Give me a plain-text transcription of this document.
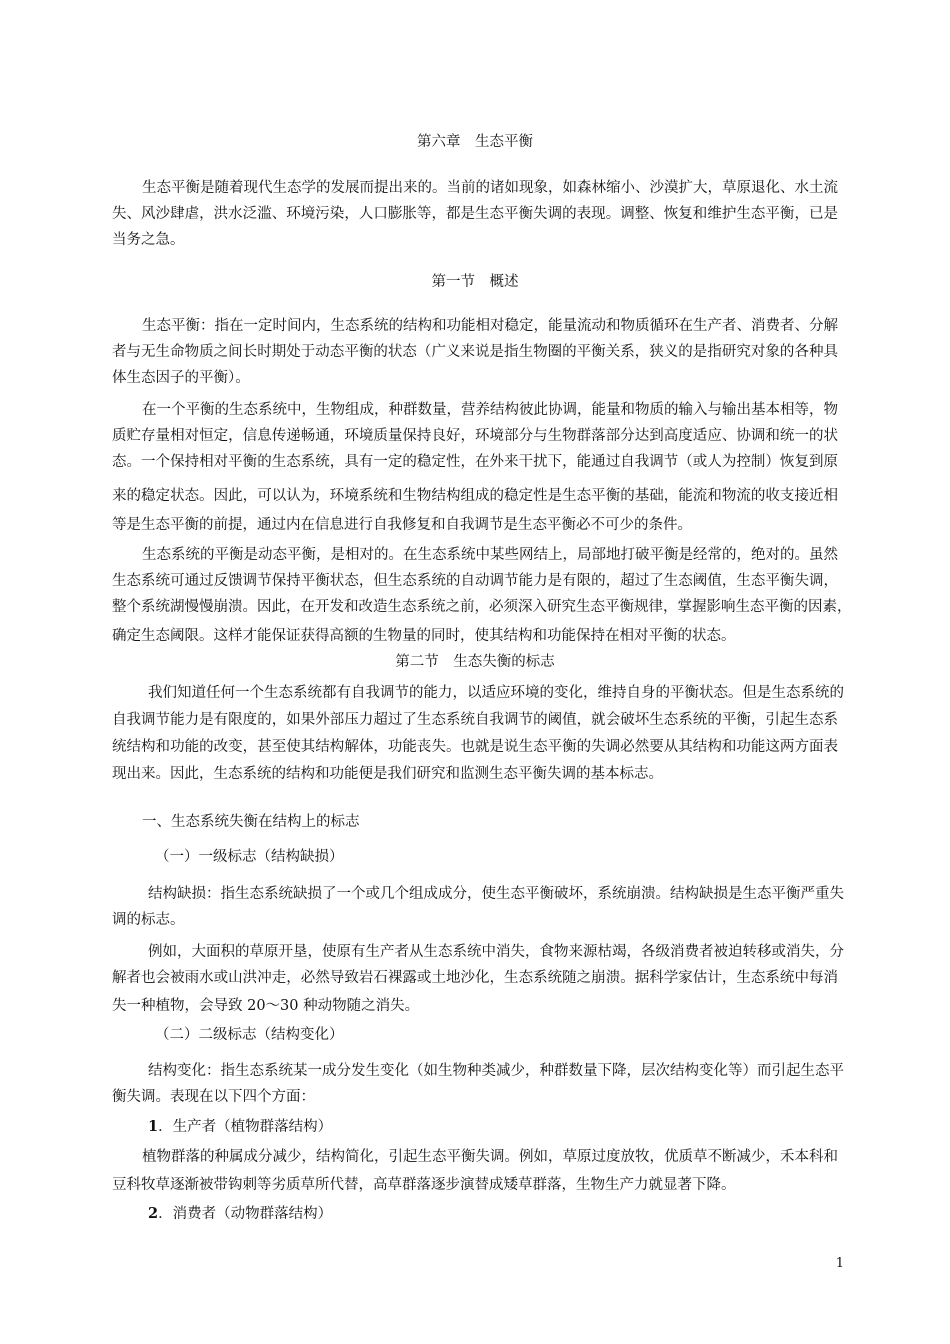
第六章　生态平衡
生态平衡是随着现代生态学的发展而提出来的。当前的诸如现象，如森林缩小、沙漠扩大，草原退化、水土流
失、风沙肆虐，洪水泛滥、环境污染，人口膨胀等，都是生态平衡失调的表现。调整、恢复和维护生态平衡，已是
当务之急。
第一节　概述
生态平衡：指在一定时间内，生态系统的结构和功能相对稳定，能量流动和物质循环在生产者、消费者、分解
者与无生命物质之间长时期处于动态平衡的状态（广义来说是指生物圈的平衡关系，狭义的是指研究对象的各种具
体生态因子的平衡）。
在一个平衡的生态系统中，生物组成，种群数量，营养结构彼此协调，能量和物质的输入与输出基本相等，物
质贮存量相对恒定，信息传递畅通，环境质量保持良好，环境部分与生物群落部分达到高度适应、协调和统一的状
态。一个保持相对平衡的生态系统，具有一定的稳定性，在外来干扰下，能通过自我调节（或人为控制）恢复到原
来的稳定状态。因此，可以认为，环境系统和生物结构组成的稳定性是生态平衡的基础，能流和物流的收支接近相
等是生态平衡的前提，通过内在信息进行自我修复和自我调节是生态平衡必不可少的条件。
生态系统的平衡是动态平衡，是相对的。在生态系统中某些网结上，局部地打破平衡是经常的，绝对的。虽然
生态系统可通过反馈调节保持平衡状态，但生态系统的自动调节能力是有限的，超过了生态阈值，生态平衡失调，
整个系统湖慢慢崩溃。因此，在开发和改造生态系统之前，必须深入研究生态平衡规律，掌握影响生态平衡的因素，
确定生态阈限。这样才能保证获得高额的生物量的同时，使其结构和功能保持在相对平衡的状态。
第二节　生态失衡的标志
我们知道任何一个生态系统都有自我调节的能力，以适应环境的变化，维持自身的平衡状态。但是生态系统的
自我调节能力是有限度的，如果外部压力超过了生态系统自我调节的阈值，就会破坏生态系统的平衡，引起生态系
统结构和功能的改变，甚至使其结构解体，功能丧失。也就是说生态平衡的失调必然要从其结构和功能这两方面表
现出来。因此，生态系统的结构和功能便是我们研究和监测生态平衡失调的基本标志。
一、生态系统失衡在结构上的标志
（一）一级标志（结构缺损）
结构缺损：指生态系统缺损了一个或几个组成成分，使生态平衡破坏，系统崩溃。结构缺损是生态平衡严重失
调的标志。
例如，大面积的草原开垦，使原有生产者从生态系统中消失，食物来源枯竭，各级消费者被迫转移或消失，分
解者也会被雨水或山洪冲走，必然导致岩石裸露或土地沙化，生态系统随之崩溃。据科学家估计，生态系统中每消
失一种植物，会导致 20～30 种动物随之消失。
（二）二级标志（结构变化）
结构变化：指生态系统某一成分发生变化（如生物种类减少，种群数量下降，层次结构变化等）而引起生态平
衡失调。表现在以下四个方面：
1．生产者（植物群落结构）
植物群落的种属成分减少，结构简化，引起生态平衡失调。例如，草原过度放牧，优质草不断减少，禾本科和
豆科牧草逐渐被带钩刺等劣质草所代替，高草群落逐步演替成矮草群落，生物生产力就显著下降。
2．消费者（动物群落结构）
1
